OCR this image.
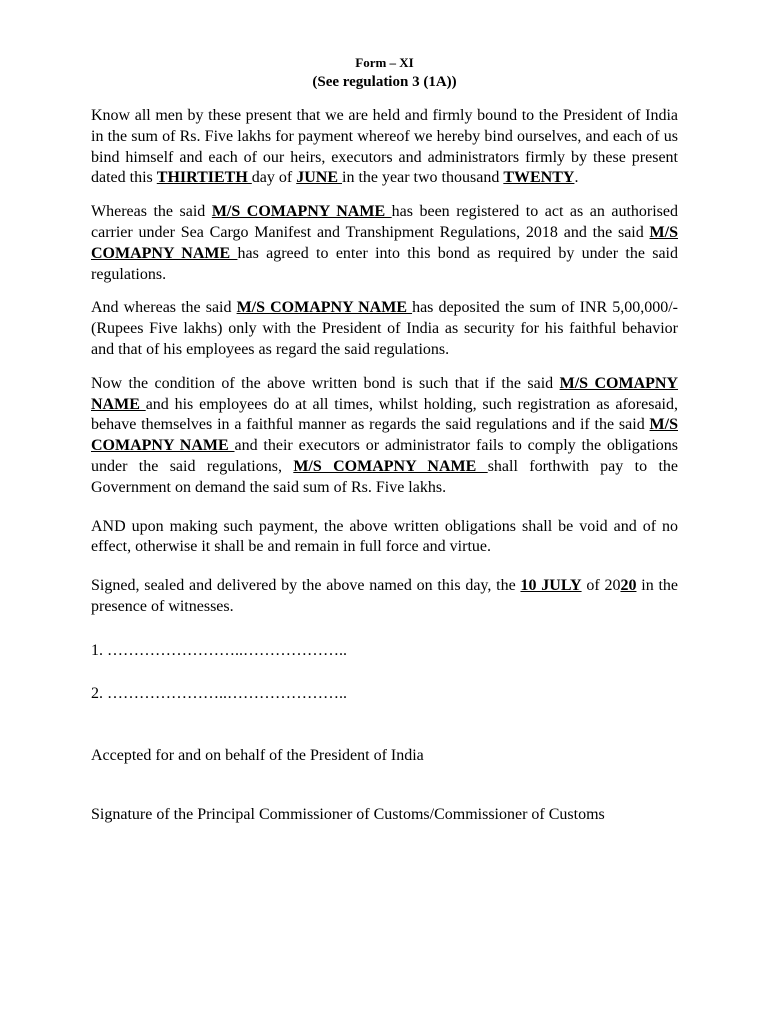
Form – XI
(See regulation 3 (1A))

Know all men by these present that we are held and firmly bound to the President of India in the sum of Rs. Five lakhs for payment whereof we hereby bind ourselves, and each of us bind himself and each of our heirs, executors and administrators firmly by these present dated this THIRTIETH day of JUNE in the year two thousand TWENTY.

Whereas the said M/S COMAPNY NAME has been registered to act as an authorised carrier under Sea Cargo Manifest and Transhipment Regulations, 2018 and the said M/S COMAPNY NAME has agreed to enter into this bond as required by under the said regulations.

And whereas the said M/S COMAPNY NAME has deposited the sum of INR 5,00,000/- (Rupees Five lakhs) only with the President of India as security for his faithful behavior and that of his employees as regard the said regulations.

Now the condition of the above written bond is such that if the said M/S COMAPNY NAME and his employees do at all times, whilst holding, such registration as aforesaid, behave themselves in a faithful manner as regards the said regulations and if the said M/S COMAPNY NAME and their executors or administrator fails to comply the obligations under the said regulations, M/S COMAPNY NAME shall forthwith pay to the Government on demand the said sum of Rs. Five lakhs.

AND upon making such payment, the above written obligations shall be void and of no effect, otherwise it shall be and remain in full force and virtue.

Signed, sealed and delivered by the above named on this day, the 10 JULY of 2020 in the presence of witnesses.

1. ……………………..………………..
2. …………………..…………………..

Accepted for and on behalf of the President of India

Signature of the Principal Commissioner of Customs/Commissioner of Customs
